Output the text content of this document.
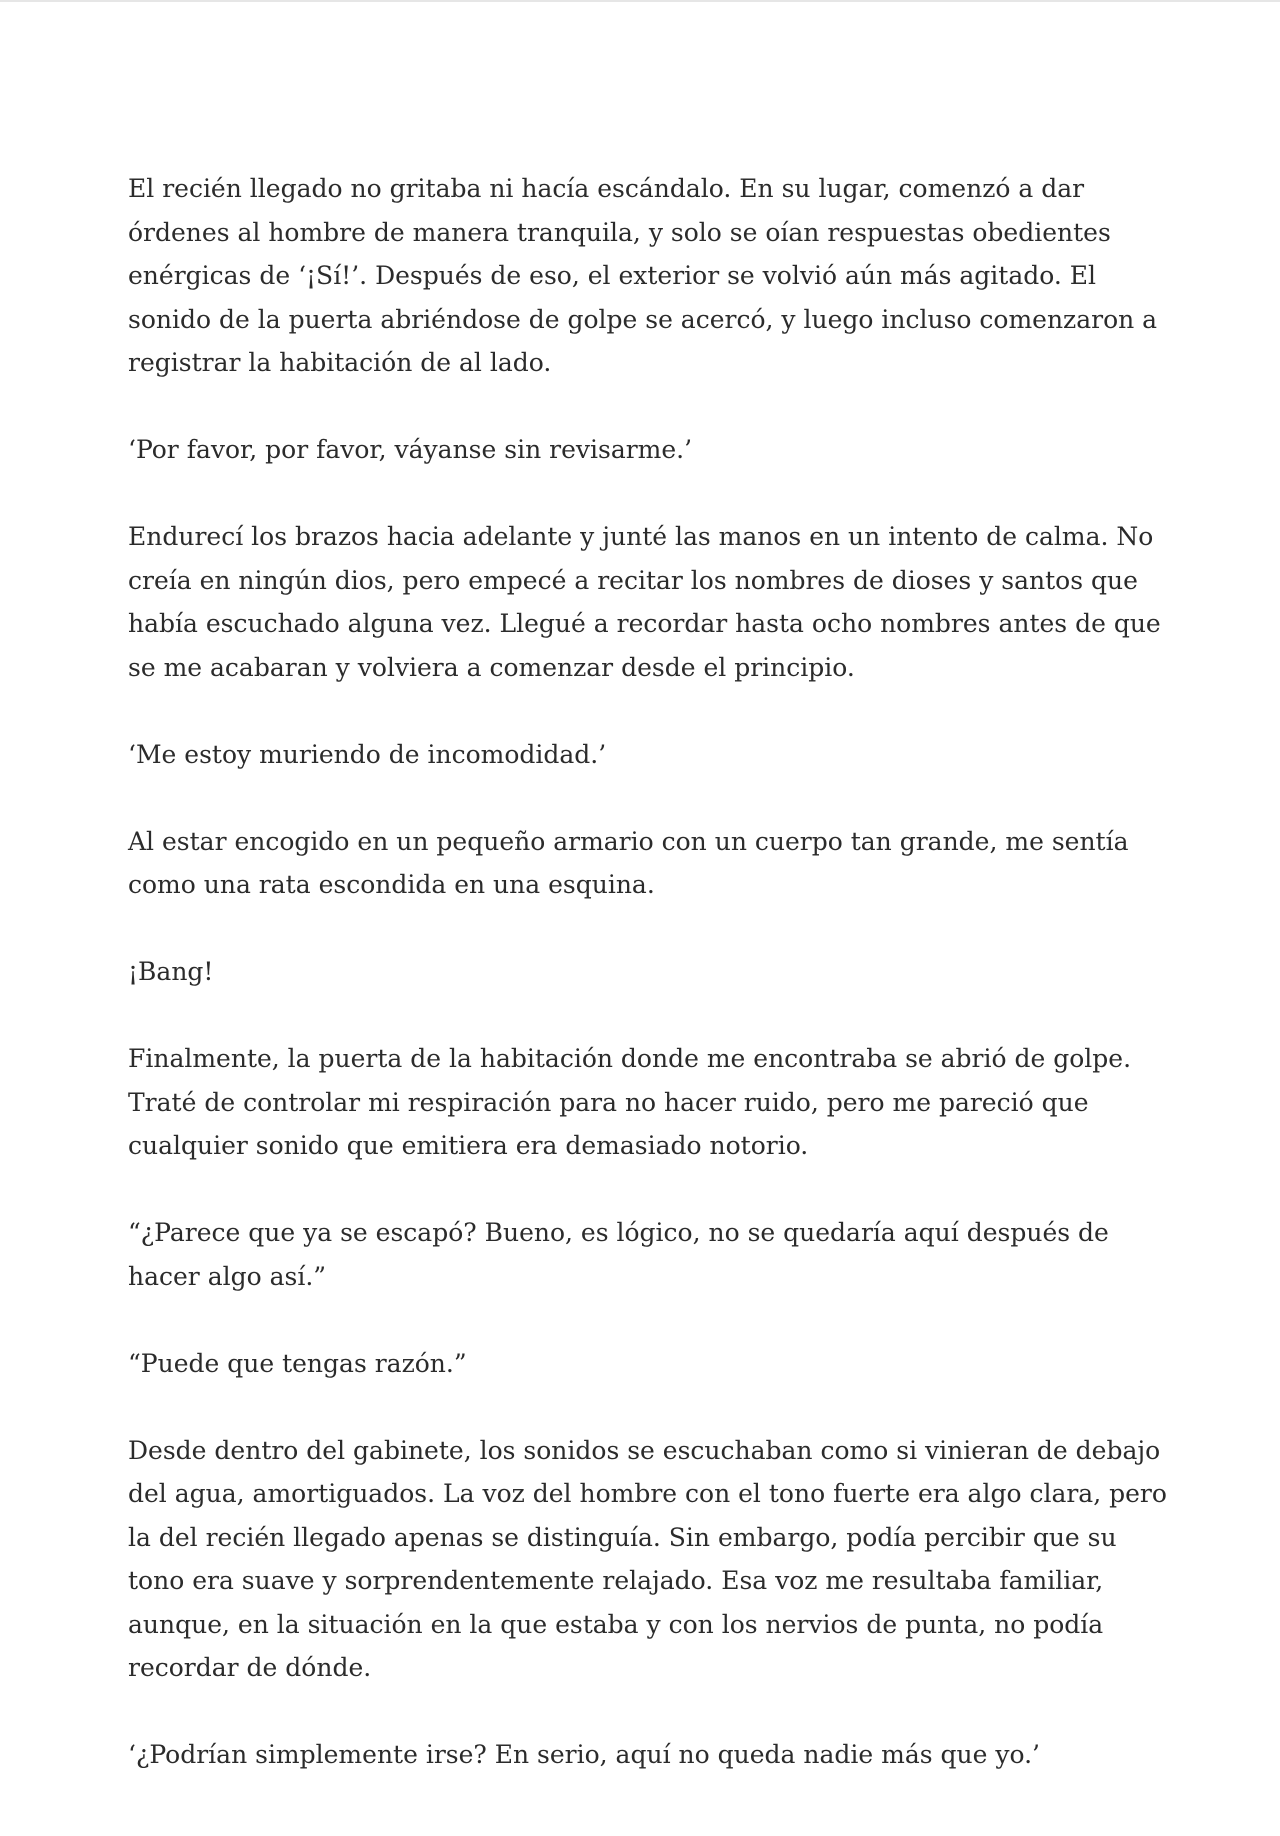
El recién llegado no gritaba ni hacía escándalo. En su lugar, comenzó a dar órdenes al hombre de manera tranquila, y solo se oían respuestas obedientes enérgicas de ‘¡Sí!’. Después de eso, el exterior se volvió aún más agitado. El sonido de la puerta abriéndose de golpe se acercó, y luego incluso comenzaron a registrar la habitación de al lado.

‘Por favor, por favor, váyanse sin revisarme.’

Endurecí los brazos hacia adelante y junté las manos en un intento de calma. No creía en ningún dios, pero empecé a recitar los nombres de dioses y santos que había escuchado alguna vez. Llegué a recordar hasta ocho nombres antes de que se me acabaran y volviera a comenzar desde el principio.

‘Me estoy muriendo de incomodidad.’

Al estar encogido en un pequeño armario con un cuerpo tan grande, me sentía como una rata escondida en una esquina.

¡Bang!

Finalmente, la puerta de la habitación donde me encontraba se abrió de golpe. Traté de controlar mi respiración para no hacer ruido, pero me pareció que cualquier sonido que emitiera era demasiado notorio.

“¿Parece que ya se escapó? Bueno, es lógico, no se quedaría aquí después de hacer algo así.”

“Puede que tengas razón.”

Desde dentro del gabinete, los sonidos se escuchaban como si vinieran de debajo del agua, amortiguados. La voz del hombre con el tono fuerte era algo clara, pero la del recién llegado apenas se distinguía. Sin embargo, podía percibir que su tono era suave y sorprendentemente relajado. Esa voz me resultaba familiar, aunque, en la situación en la que estaba y con los nervios de punta, no podía recordar de dónde.

‘¿Podrían simplemente irse? En serio, aquí no queda nadie más que yo.’
